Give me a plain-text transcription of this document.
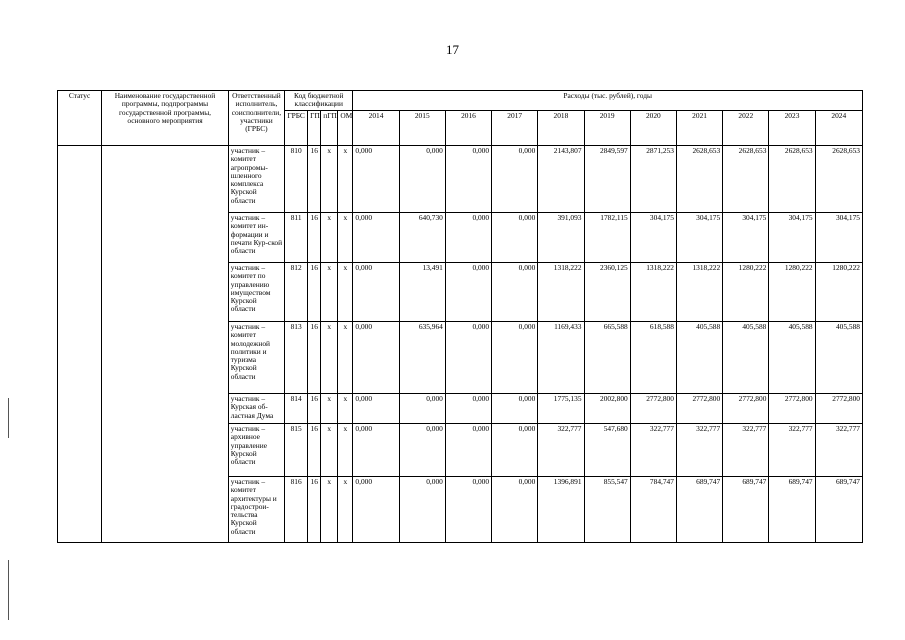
17
Статус	Наименование государственной программы, подпрограммы государственной программы, основного мероприятия	Ответственный исполнитель, соисполнители, участники (ГРБС)	Код бюджетной классификации				Расходы (тыс. рублей), годы										
			ГРБС	ГП	пГП	ОМ	2014	2015	2016	2017	2018	2019	2020	2021	2022	2023	2024
		участник – комитет агропромы-шленного комплекса Курской области	810	16	х	х	0,000	0,000	0,000	0,000	2143,807	2849,597	2871,253	2628,653	2628,653	2628,653	2628,653
		участник – комитет ин-формации и печати Кур-ской области	811	16	х	х	0,000	640,730	0,000	0,000	391,093	1782,115	304,175	304,175	304,175	304,175	304,175
		участник – комитет по управлению имуществом Курской области	812	16	х	х	0,000	13,491	0,000	0,000	1318,222	2360,125	1318,222	1318,222	1280,222	1280,222	1280,222
		участник – комитет молодежной политики и туризма Курской области	813	16	х	х	0,000	635,964	0,000	0,000	1169,433	665,588	618,588	405,588	405,588	405,588	405,588
		участник – Курская об-ластная Дума	814	16	х	х	0,000	0,000	0,000	0,000	1775,135	2002,800	2772,800	2772,800	2772,800	2772,800	2772,800
		участник – архивное управление Курской области	815	16	х	х	0,000	0,000	0,000	0,000	322,777	547,680	322,777	322,777	322,777	322,777	322,777
		участник – комитет архитектуры и градострои-тельства Курской области	816	16	х	х	0,000	0,000	0,000	0,000	1396,891	855,547	784,747	689,747	689,747	689,747	689,747
